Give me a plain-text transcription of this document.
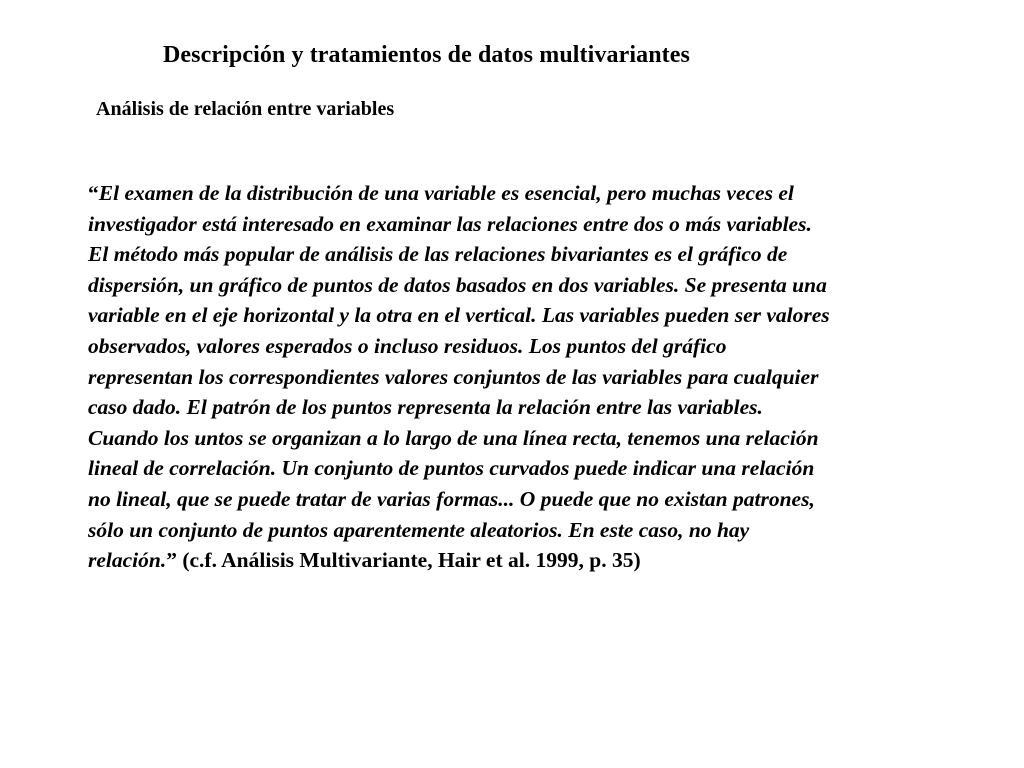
Descripción y tratamientos de datos multivariantes
Análisis de relación entre variables

“El examen de la distribución de una variable es esencial, pero muchas veces el
investigador está interesado en examinar las relaciones entre dos o más variables.
El método más popular de análisis de las relaciones bivariantes es el gráfico de
dispersión, un gráfico de puntos de datos basados en dos variables. Se presenta una
variable en el eje horizontal y la otra en el vertical. Las variables pueden ser valores
observados, valores esperados o incluso residuos. Los puntos del gráfico
representan los correspondientes valores conjuntos de las variables para cualquier
caso dado. El patrón de los puntos representa la relación entre las variables.
Cuando los untos se organizan a lo largo de una línea recta, tenemos una relación
lineal de correlación. Un conjunto de puntos curvados puede indicar una relación
no lineal, que se puede tratar de varias formas... O puede que no existan patrones,
sólo un conjunto de puntos aparentemente aleatorios. En este caso, no hay
relación.” (c.f. Análisis Multivariante, Hair et al. 1999, p. 35)
